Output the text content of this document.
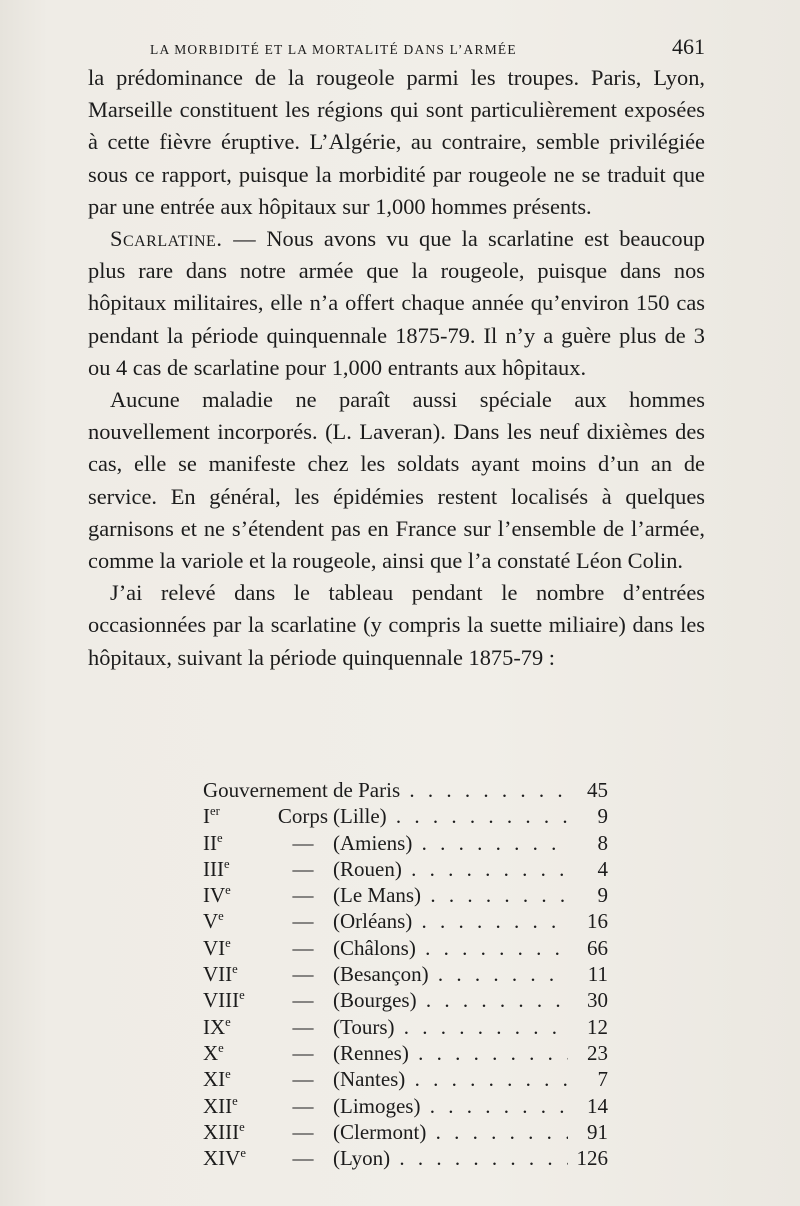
LA MORBIDITÉ ET LA MORTALITÉ DANS L’ARMÉE	461

la prédominance de la rougeole parmi les troupes. Paris, Lyon, Marseille constituent les régions qui sont particulièrement exposées à cette fièvre éruptive. L’Algérie, au contraire, semble privilégiée sous ce rapport, puisque la morbidité par rougeole ne se traduit que par une entrée aux hôpitaux sur 1,000 hommes présents.

Scarlatine. — Nous avons vu que la scarlatine est beaucoup plus rare dans notre armée que la rougeole, puisque dans nos hôpitaux militaires, elle n’a offert chaque année qu’environ 150 cas pendant la période quinquennale 1875-79. Il n’y a guère plus de 3 ou 4 cas de scarlatine pour 1,000 entrants aux hôpitaux.

Aucune maladie ne paraît aussi spéciale aux hommes nouvellement incorporés. (L. Laveran). Dans les neuf dixièmes des cas, elle se manifeste chez les soldats ayant moins d’un an de service. En général, les épidémies restent localisés à quelques garnisons et ne s’étendent pas en France sur l’ensemble de l’armée, comme la variole et la rougeole, ainsi que l’a constaté Léon Colin.

J’ai relevé dans le tableau pendant le nombre d’entrées occasionnées par la scarlatine (y compris la suette miliaire) dans les hôpitaux, suivant la période quinquennale 1875-79 :

Gouvernement de Paris . . .	45
Ier	Corps (Lille) . . .	9
IIe	— (Amiens) . . .	8
IIIe	— (Rouen) . . .	4
IVe	— (Le Mans) . . .	9
Ve	— (Orléans) . . .	16
VIe	— (Châlons) . . .	66
VIIe	— (Besançon) . . .	11
VIIIe	— (Bourges) . . .	30
IXe	— (Tours) . . .	12
Xe	— (Rennes) . . .	23
XIe	— (Nantes) . . .	7
XIIe	— (Limoges) . . .	14
XIIIe	— (Clermont) . . .	91
XIVe	— (Lyon) . . .	126
